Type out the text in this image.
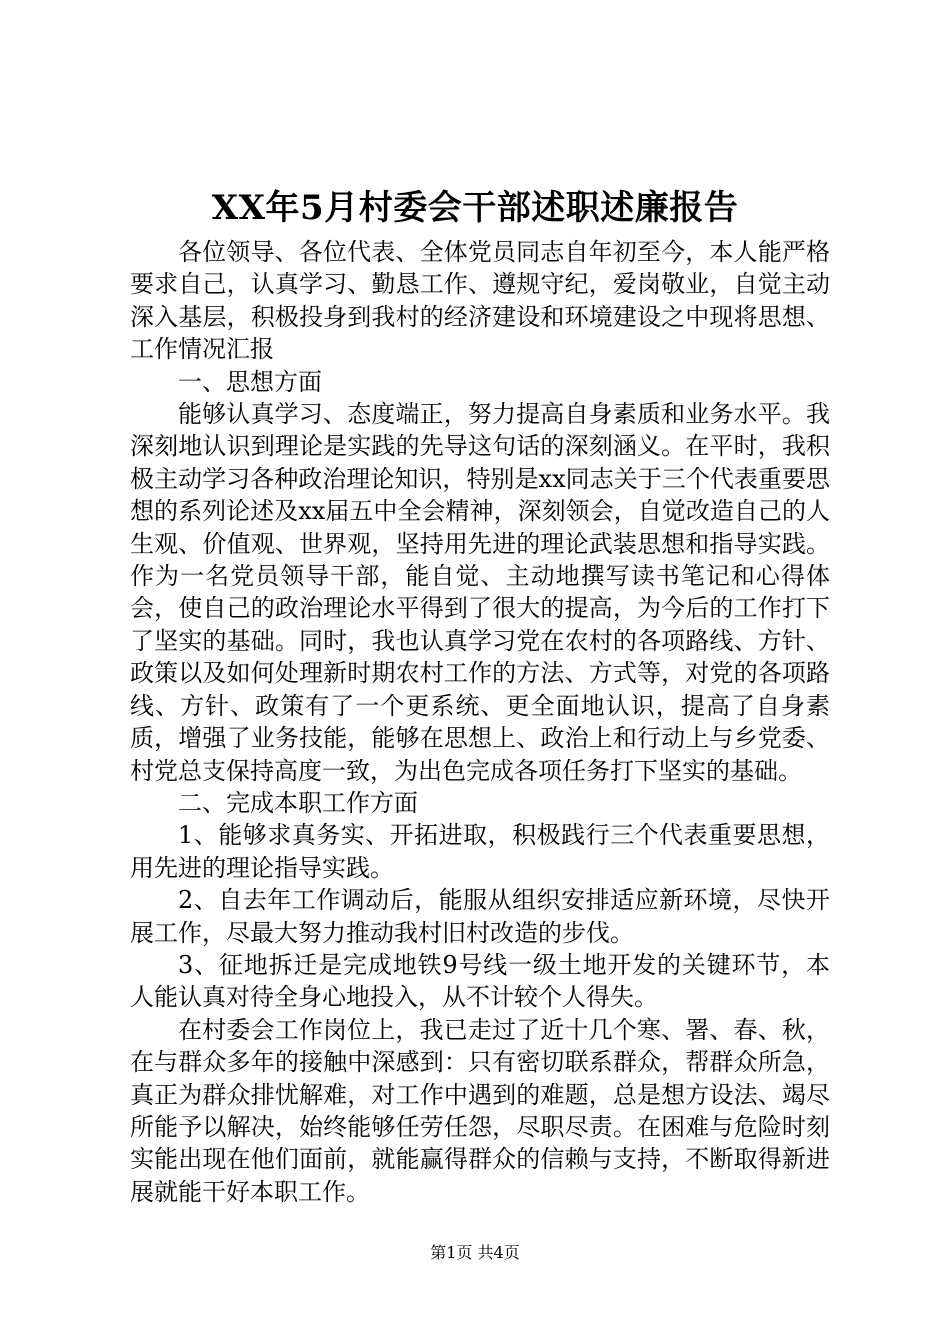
XX年5月村委会干部述职述廉报告

各位领导、各位代表、全体党员同志自年初至今，本人能严格要求自己，认真学习、勤恳工作、遵规守纪，爱岗敬业，自觉主动深入基层，积极投身到我村的经济建设和环境建设之中现将思想、工作情况汇报

一、思想方面

能够认真学习、态度端正，努力提高自身素质和业务水平。我深刻地认识到理论是实践的先导这句话的深刻涵义。在平时，我积极主动学习各种政治理论知识，特别是xx同志关于三个代表重要思想的系列论述及xx届五中全会精神，深刻领会，自觉改造自己的人生观、价值观、世界观，坚持用先进的理论武装思想和指导实践。作为一名党员领导干部，能自觉、主动地撰写读书笔记和心得体会，使自己的政治理论水平得到了很大的提高，为今后的工作打下了坚实的基础。同时，我也认真学习党在农村的各项路线、方针、政策以及如何处理新时期农村工作的方法、方式等，对党的各项路线、方针、政策有了一个更系统、更全面地认识，提高了自身素质，增强了业务技能，能够在思想上、政治上和行动上与乡党委、村党总支保持高度一致，为出色完成各项任务打下坚实的基础。

二、完成本职工作方面

1、能够求真务实、开拓进取，积极践行三个代表重要思想，用先进的理论指导实践。

2、自去年工作调动后，能服从组织安排适应新环境，尽快开展工作，尽最大努力推动我村旧村改造的步伐。

3、征地拆迁是完成地铁9号线一级土地开发的关键环节，本人能认真对待全身心地投入，从不计较个人得失。

在村委会工作岗位上，我已走过了近十几个寒、署、春、秋，在与群众多年的接触中深感到：只有密切联系群众，帮群众所急，真正为群众排忧解难，对工作中遇到的难题，总是想方设法、竭尽所能予以解决，始终能够任劳任怨，尽职尽责。在困难与危险时刻实能出现在他们面前，就能赢得群众的信赖与支持，不断取得新进展就能干好本职工作。

第1页 共4页
